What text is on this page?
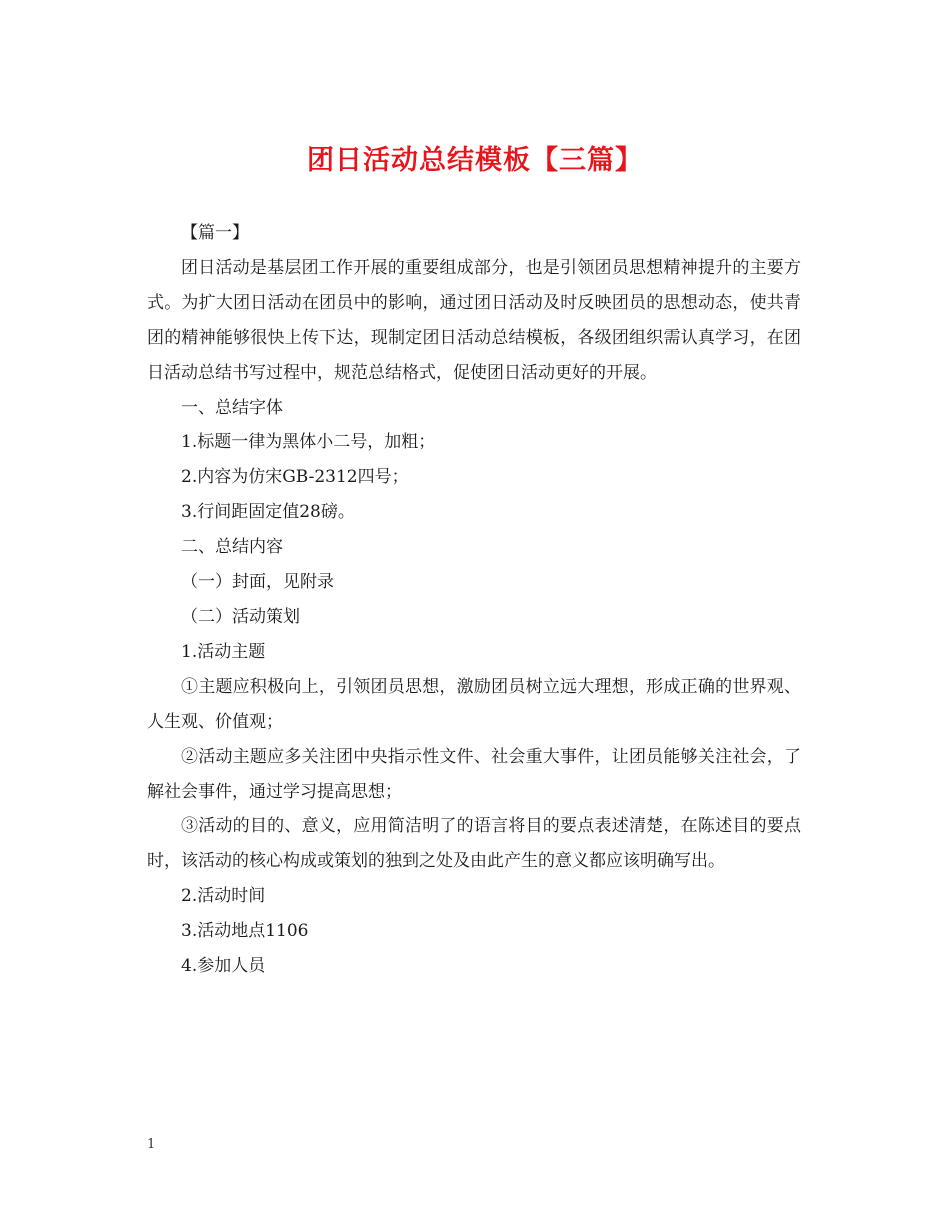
团日活动总结模板【三篇】

【篇一】

团日活动是基层团工作开展的重要组成部分，也是引领团员思想精神提升的主要方式。为扩大团日活动在团员中的影响，通过团日活动及时反映团员的思想动态，使共青团的精神能够很快上传下达，现制定团日活动总结模板，各级团组织需认真学习，在团日活动总结书写过程中，规范总结格式，促使团日活动更好的开展。

一、总结字体

1.标题一律为黑体小二号，加粗；

2.内容为仿宋GB-2312四号；

3.行间距固定值28磅。

二、总结内容

（一）封面，见附录

（二）活动策划

1.活动主题

①主题应积极向上，引领团员思想，激励团员树立远大理想，形成正确的世界观、人生观、价值观；

②活动主题应多关注团中央指示性文件、社会重大事件，让团员能够关注社会，了解社会事件，通过学习提高思想；

③活动的目的、意义，应用简洁明了的语言将目的要点表述清楚，在陈述目的要点时，该活动的核心构成或策划的独到之处及由此产生的意义都应该明确写出。

2.活动时间

3.活动地点1106

4.参加人员

1
